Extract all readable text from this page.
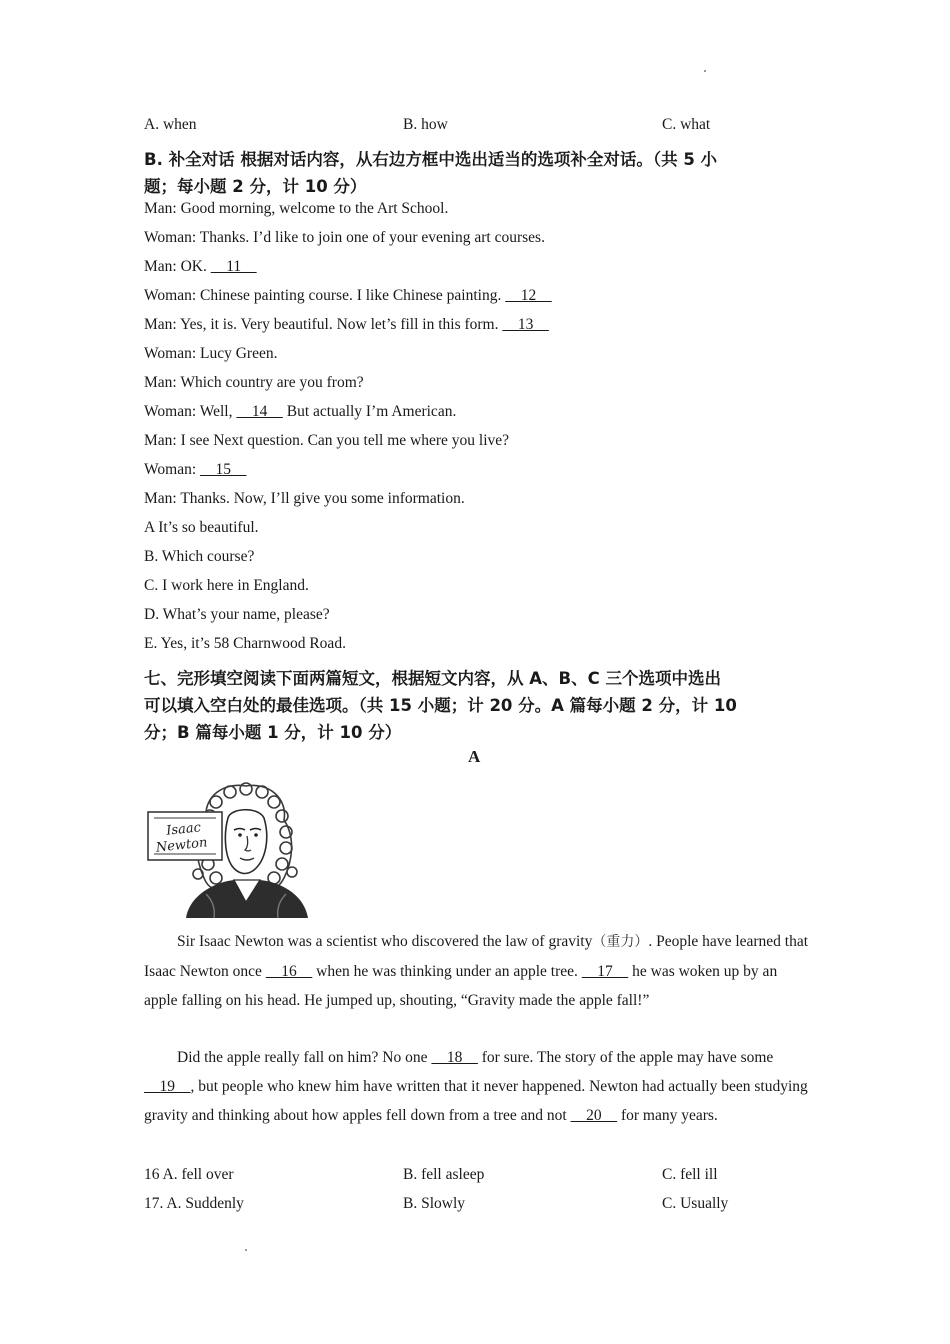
A. when	B. how	C. what
B. 补全对话 根据对话内容，从右边方框中选出适当的选项补全对话。（共 5 小
题；每小题 2 分，计 10 分）
Man: Good morning, welcome to the Art School.
Woman: Thanks. I’d like to join one of your evening art courses.
Man: OK.     11
Woman: Chinese painting course. I like Chinese painting.     12
Man: Yes, it is. Very beautiful. Now let’s fill in this form.     13
Woman: Lucy Green.
Man: Which country are you from?
Woman: Well,     14     But actually I’m American.
Man: I see Next question. Can you tell me where you live?
Woman:     15
Man: Thanks. Now, I’ll give you some information.
A It’s so beautiful.
B. Which course?
C. I work here in England.
D. What’s your name, please?
E. Yes, it’s 58 Charnwood Road.
七、完形填空阅读下面两篇短文，根据短文内容，从 A、B、C 三个选项中选出
可以填入空白处的最佳选项。（共 15 小题；计 20 分。A 篇每小题 2 分，计 10
分；B 篇每小题 1 分，计 10 分）
A
Isaac
Newton
Sir Isaac Newton was a scientist who discovered the law of gravity（重力）. People have learned that Isaac Newton once     16     when he was thinking under an apple tree.     17     he was woken up by an apple falling on his head. He jumped up, shouting, “Gravity made the apple fall!”
Did the apple really fall on him? No one     18     for sure. The story of the apple may have some     19    , but people who knew him have written that it never happened. Newton had actually been studying gravity and thinking about how apples fell down from a tree and not     20     for many years.
16 A. fell over	B. fell asleep	C. fell ill
17. A. Suddenly	B. Slowly	C. Usually
